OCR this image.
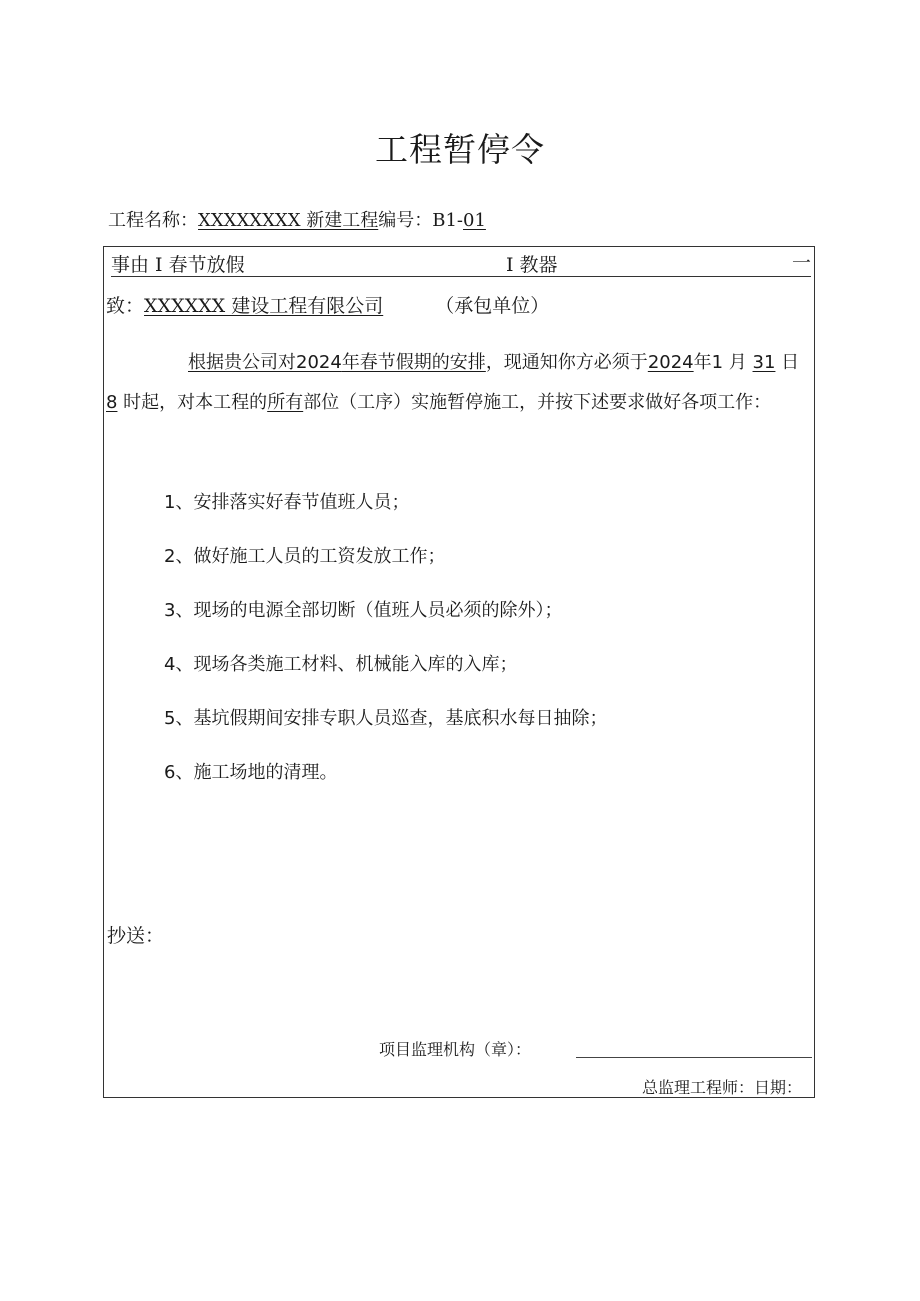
工程暂停令
工程名称：XXXXXXXX 新建工程编号：B1-01
事由 I 春节放假	I 教器	一
致：XXXXXX 建设工程有限公司	（承包单位）
根据贵公司对2024年春节假期的安排，现通知你方必须于2024年1 月 31 日 8 时起，对本工程的所有部位（工序）实施暂停施工，并按下述要求做好各项工作：
1、安排落实好春节值班人员；
2、做好施工人员的工资发放工作；
3、现场的电源全部切断（值班人员必须的除外）；
4、现场各类施工材料、机械能入库的入库；
5、基坑假期间安排专职人员巡查，基底积水每日抽除；
6、施工场地的清理。
抄送：
项目监理机构（章）：
总监理工程师：日期：
